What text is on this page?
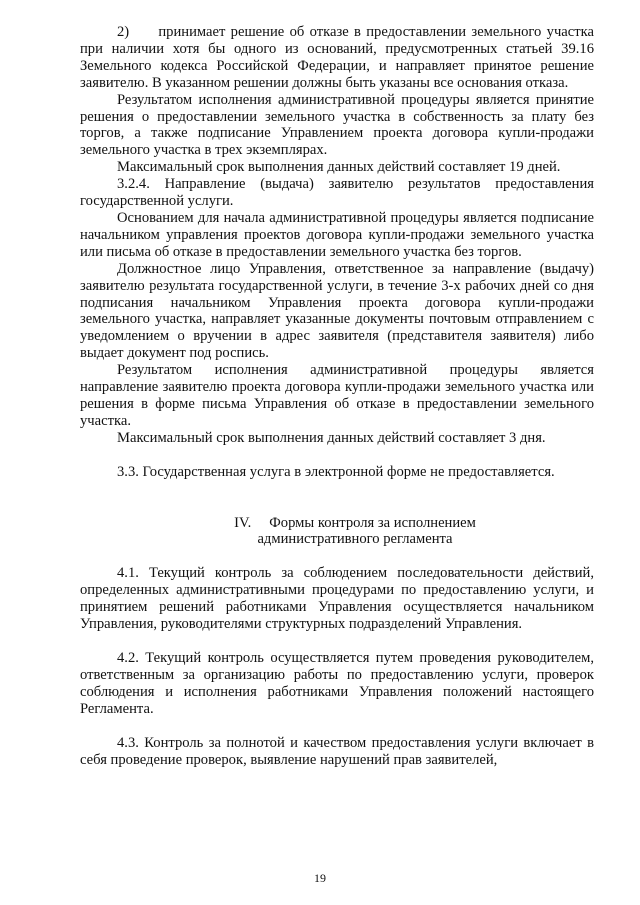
2)  принимает решение об отказе в предоставлении земельного участка при наличии хотя бы одного из оснований, предусмотренных статьей 39.16 Земельного кодекса Российской Федерации, и направляет принятое решение заявителю. В указанном решении должны быть указаны все основания отказа.

Результатом исполнения административной процедуры является принятие решения о предоставлении земельного участка в собственность за плату без торгов, а также подписание Управлением проекта договора купли-продажи земельного участка в трех экземплярах.

Максимальный срок выполнения данных действий составляет 19 дней.

3.2.4. Направление (выдача) заявителю результатов предоставления государственной услуги.

Основанием для начала административной процедуры является подписание начальником управления проектов договора купли-продажи земельного участка или письма об отказе в предоставлении земельного участка без торгов.

Должностное лицо Управления, ответственное за направление (выдачу) заявителю результата государственной услуги, в течение 3-х рабочих дней со дня подписания начальником Управления проекта договора купли-продажи земельного участка, направляет указанные документы почтовым отправлением с уведомлением о вручении в адрес заявителя (представителя заявителя) либо выдает документ под роспись.

Результатом исполнения административной процедуры является направление заявителю проекта договора купли-продажи земельного участка или решения в форме письма Управления об отказе в предоставлении земельного участка.

Максимальный срок выполнения данных действий составляет 3 дня.

3.3. Государственная услуга в электронной форме не предоставляется.

IV. Формы контроля за исполнением

административного регламента

4.1. Текущий контроль за соблюдением последовательности действий, определенных административными процедурами по предоставлению услуги, и принятием решений работниками Управления осуществляется начальником Управления, руководителями структурных подразделений Управления.

4.2. Текущий контроль осуществляется путем проведения руководителем, ответственным за организацию работы по предоставлению услуги, проверок соблюдения и исполнения работниками Управления положений настоящего Регламента.

4.3. Контроль за полнотой и качеством предоставления услуги включает в себя проведение проверок, выявление нарушений прав заявителей,

19
